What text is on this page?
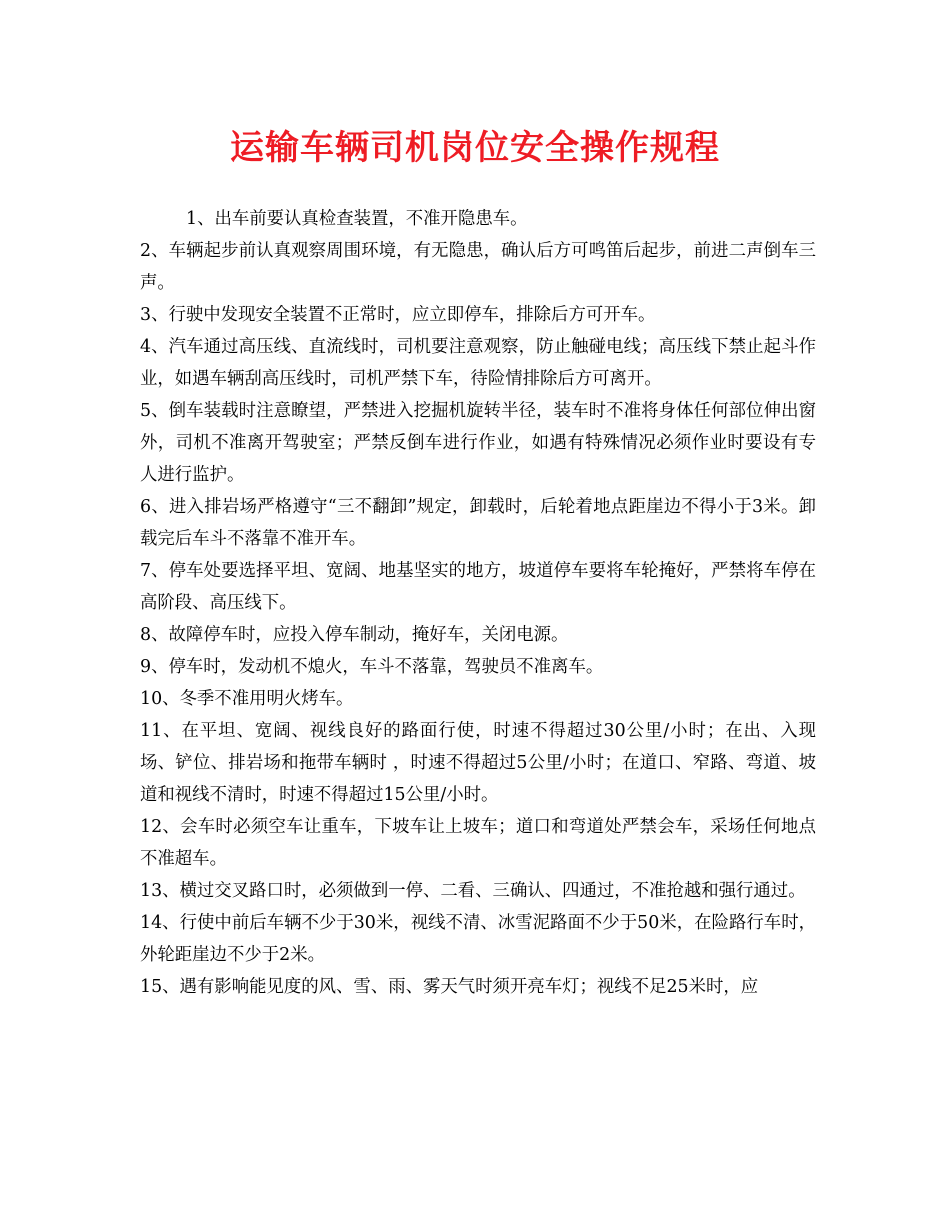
运输车辆司机岗位安全操作规程

1、出车前要认真检查装置，不准开隐患车。

2、车辆起步前认真观察周围环境，有无隐患，确认后方可鸣笛后起步，前进二声倒车三声。

3、行驶中发现安全装置不正常时，应立即停车，排除后方可开车。

4、汽车通过高压线、直流线时，司机要注意观察，防止触碰电线；高压线下禁止起斗作业，如遇车辆刮高压线时，司机严禁下车，待险情排除后方可离开。

5、倒车装载时注意瞭望，严禁进入挖掘机旋转半径，装车时不准将身体任何部位伸出窗外，司机不准离开驾驶室；严禁反倒车进行作业，如遇有特殊情况必须作业时要设有专人进行监护。

6、进入排岩场严格遵守“三不翻卸”规定，卸载时，后轮着地点距崖边不得小于3米。卸载完后车斗不落靠不准开车。

7、停车处要选择平坦、宽阔、地基坚实的地方，坡道停车要将车轮掩好，严禁将车停在高阶段、高压线下。

8、故障停车时，应投入停车制动，掩好车，关闭电源。

9、停车时，发动机不熄火，车斗不落靠，驾驶员不准离车。

10、冬季不准用明火烤车。

11、在平坦、宽阔、视线良好的路面行使，时速不得超过30公里/小时；在出、入现场、铲位、排岩场和拖带车辆时 ，时速不得超过5公里/小时；在道口、窄路、弯道、坡道和视线不清时，时速不得超过15公里/小时。

12、会车时必须空车让重车，下坡车让上坡车；道口和弯道处严禁会车，采场任何地点不准超车。

13、横过交叉路口时，必须做到一停、二看、三确认、四通过，不准抢越和强行通过。

14、行使中前后车辆不少于30米，视线不清、冰雪泥路面不少于50米，在险路行车时，外轮距崖边不少于2米。

15、遇有影响能见度的风、雪、雨、雾天气时须开亮车灯；视线不足25米时，应
